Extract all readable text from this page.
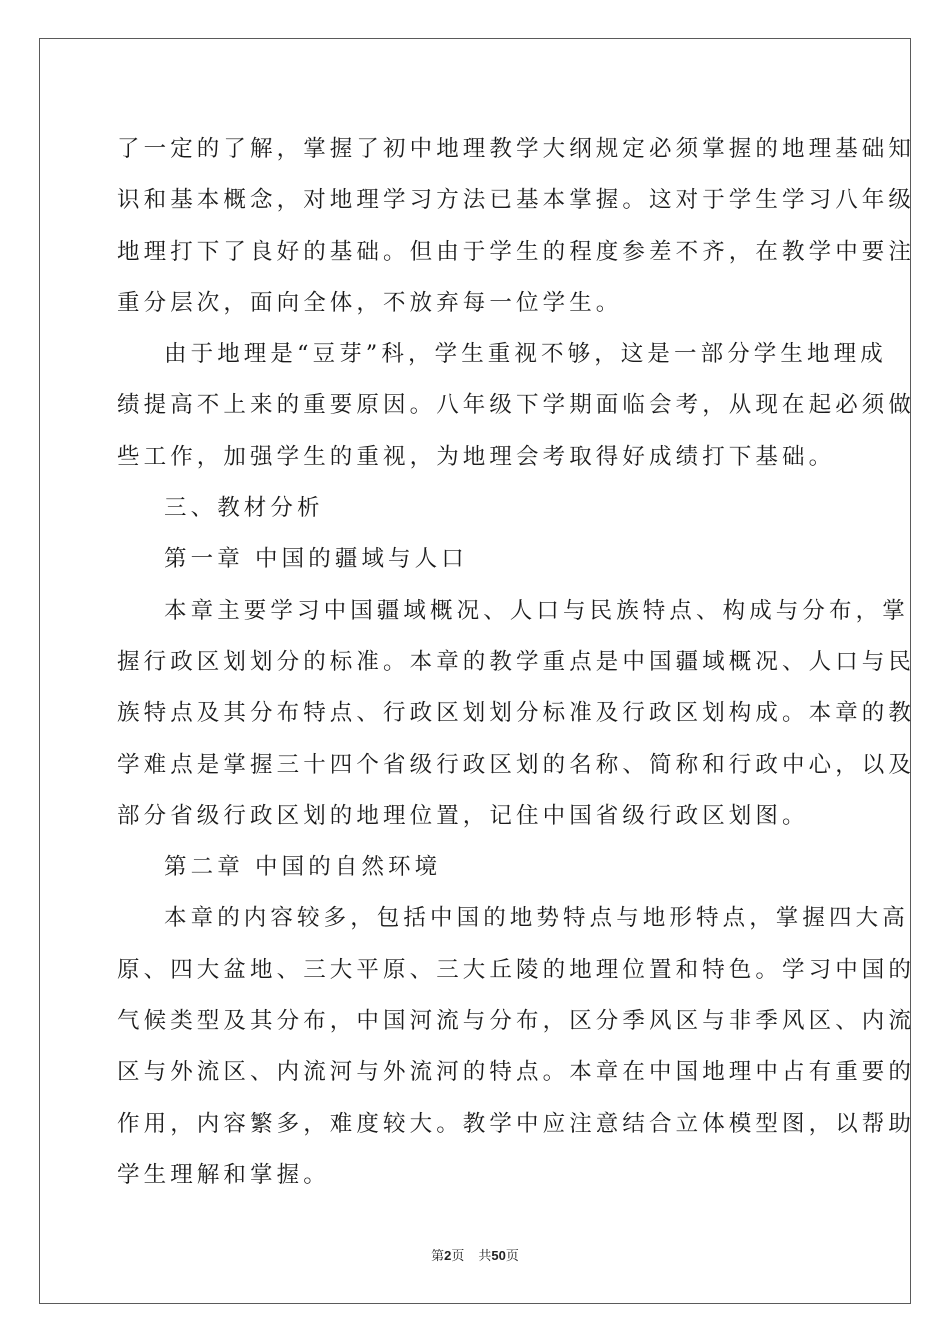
了一定的了解，掌握了初中地理教学大纲规定必须掌握的地理基础知
识和基本概念，对地理学习方法已基本掌握。这对于学生学习八年级
地理打下了良好的基础。但由于学生的程度参差不齐，在教学中要注
重分层次，面向全体，不放弃每一位学生。
由于地理是“豆芽”科，学生重视不够，这是一部分学生地理成
绩提高不上来的重要原因。八年级下学期面临会考，从现在起必须做
些工作，加强学生的重视，为地理会考取得好成绩打下基础。
三、教材分析
第一章 中国的疆域与人口
本章主要学习中国疆域概况、人口与民族特点、构成与分布，掌
握行政区划划分的标准。本章的教学重点是中国疆域概况、人口与民
族特点及其分布特点、行政区划划分标准及行政区划构成。本章的教
学难点是掌握三十四个省级行政区划的名称、简称和行政中心，以及
部分省级行政区划的地理位置，记住中国省级行政区划图。
第二章 中国的自然环境
本章的内容较多，包括中国的地势特点与地形特点，掌握四大高
原、四大盆地、三大平原、三大丘陵的地理位置和特色。学习中国的
气候类型及其分布，中国河流与分布，区分季风区与非季风区、内流
区与外流区、内流河与外流河的特点。本章在中国地理中占有重要的
作用，内容繁多，难度较大。教学中应注意结合立体模型图，以帮助
学生理解和掌握。
第2页 共50页
